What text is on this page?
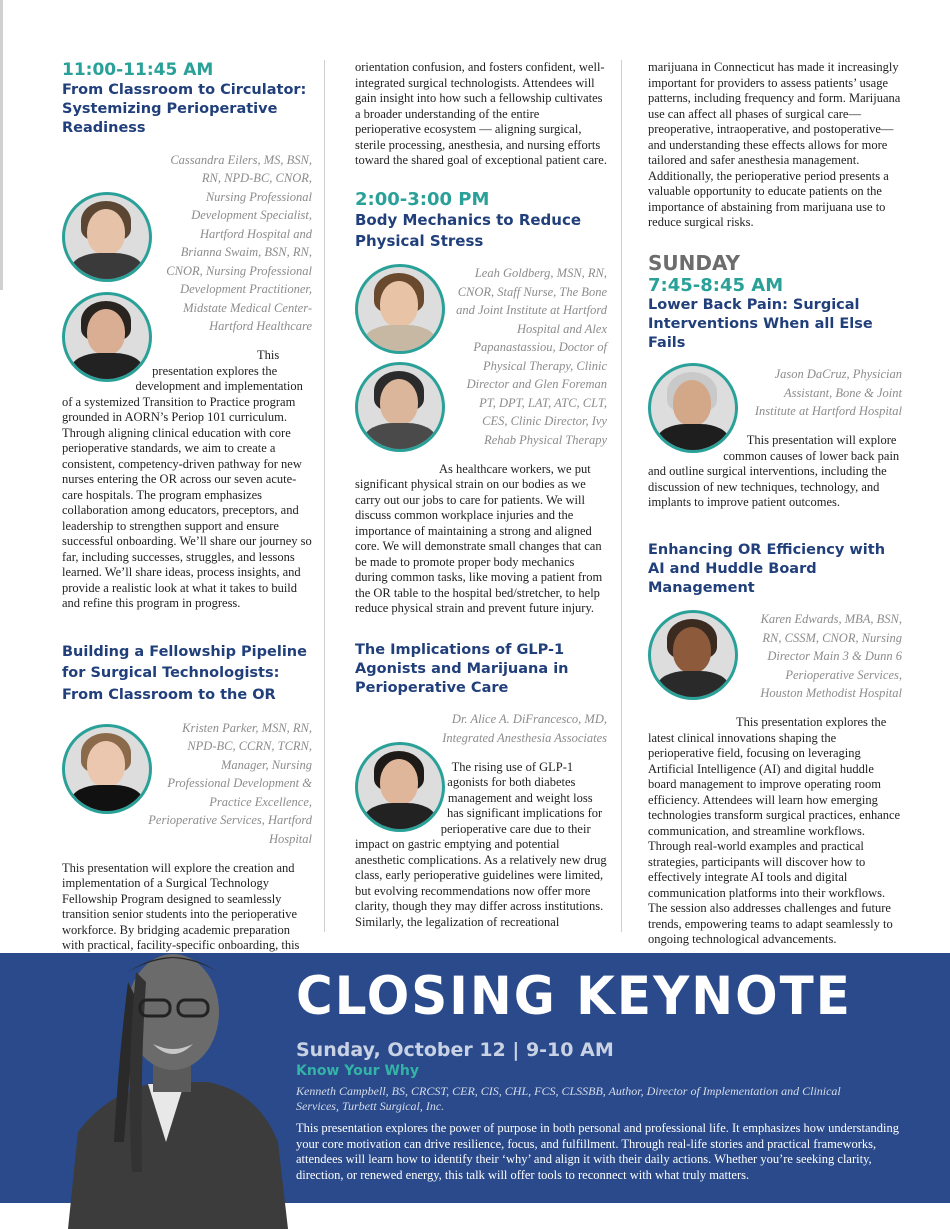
11:00-11:45 AM

From Classroom to Circulator: Systemizing Perioperative Readiness

Cassandra Eilers, MS, BSN, RN, NPD-BC, CNOR, Nursing Professional Development Specialist, Hartford Hospital and Brianna Swaim, BSN, RN, CNOR, Nursing Professional Development Practitioner, Midstate Medical Center-Hartford Healthcare

This presentation explores the development and implementation of a systemized Transition to Practice program grounded in AORN’s Periop 101 curriculum. Through aligning clinical education with core perioperative standards, we aim to create a consistent, competency-driven pathway for new nurses entering the OR across our seven acute-care hospitals. The program emphasizes collaboration among educators, preceptors, and leadership to strengthen support and ensure successful onboarding. We’ll share our journey so far, including successes, struggles, and lessons learned. We’ll share ideas, process insights, and provide a realistic look at what it takes to build and refine this program in progress.

Building a Fellowship Pipeline for Surgical Technologists: From Classroom to the OR

Kristen Parker, MSN, RN, NPD-BC, CCRN, TCRN, Manager, Nursing Professional Development & Practice Excellence, Perioperative Services, Hartford Hospital

This presentation will explore the creation and implementation of a Surgical Technology Fellowship Program designed to seamlessly transition senior students into the perioperative workforce. By bridging academic preparation with practical, facility-specific onboarding, this

orientation confusion, and fosters confident, well-integrated surgical technologists. Attendees will gain insight into how such a fellowship cultivates a broader understanding of the entire perioperative ecosystem — aligning surgical, sterile processing, anesthesia, and nursing efforts toward the shared goal of exceptional patient care.

2:00-3:00 PM

Body Mechanics to Reduce Physical Stress

Leah Goldberg, MSN, RN, CNOR, Staff Nurse, The Bone and Joint Institute at Hartford Hospital and Alex Papanastassiou, Doctor of Physical Therapy, Clinic Director and Glen Foreman PT, DPT, LAT, ATC, CLT, CES, Clinic Director, Ivy Rehab Physical Therapy

As healthcare workers, we put significant physical strain on our bodies as we carry out our jobs to care for patients. We will discuss common workplace injuries and the importance of maintaining a strong and aligned core. We will demonstrate small changes that can be made to promote proper body mechanics during common tasks, like moving a patient from the OR table to the hospital bed/stretcher, to help reduce physical strain and prevent future injury.

The Implications of GLP-1 Agonists and Marijuana in Perioperative Care

Dr. Alice A. DiFrancesco, MD, Integrated Anesthesia Associates

The rising use of GLP-1 agonists for both diabetes management and weight loss has significant implications for perioperative care due to their impact on gastric emptying and potential anesthetic complications. As a relatively new drug class, early perioperative guidelines were limited, but evolving recommendations now offer more clarity, though they may differ across institutions. Similarly, the legalization of recreational

marijuana in Connecticut has made it increasingly important for providers to assess patients’ usage patterns, including frequency and form. Marijuana use can affect all phases of surgical care—preoperative, intraoperative, and postoperative—and understanding these effects allows for more tailored and safer anesthesia management. Additionally, the perioperative period presents a valuable opportunity to educate patients on the importance of abstaining from marijuana use to reduce surgical risks.

SUNDAY

7:45-8:45 AM

Lower Back Pain: Surgical Interventions When all Else Fails

Jason DaCruz, Physician Assistant, Bone & Joint Institute at Hartford Hospital

This presentation will explore common causes of lower back pain and outline surgical interventions, including the discussion of new techniques, technology, and implants to improve patient outcomes.

Enhancing OR Efficiency with AI and Huddle Board Management

Karen Edwards, MBA, BSN, RN, CSSM, CNOR, Nursing Director Main 3 & Dunn 6 Perioperative Services, Houston Methodist Hospital

This presentation explores the latest clinical innovations shaping the perioperative field, focusing on leveraging Artificial Intelligence (AI) and digital huddle board management to improve operating room efficiency. Attendees will learn how emerging technologies transform surgical practices, enhance communication, and streamline workflows. Through real-world examples and practical strategies, participants will discover how to effectively integrate AI tools and digital communication platforms into their workflows. The session also addresses challenges and future trends, empowering teams to adapt seamlessly to ongoing technological advancements.

CLOSING KEYNOTE

Sunday, October 12 | 9-10 AM

Know Your Why

Kenneth Campbell, BS, CRCST, CER, CIS, CHL, FCS, CLSSBB, Author, Director of Implementation and Clinical Services, Turbett Surgical, Inc.

This presentation explores the power of purpose in both personal and professional life. It emphasizes how understanding your core motivation can drive resilience, focus, and fulfillment. Through real-life stories and practical frameworks, attendees will learn how to identify their ‘why’ and align it with their daily actions. Whether you’re seeking clarity, direction, or renewed energy, this talk will offer tools to reconnect with what truly matters.
